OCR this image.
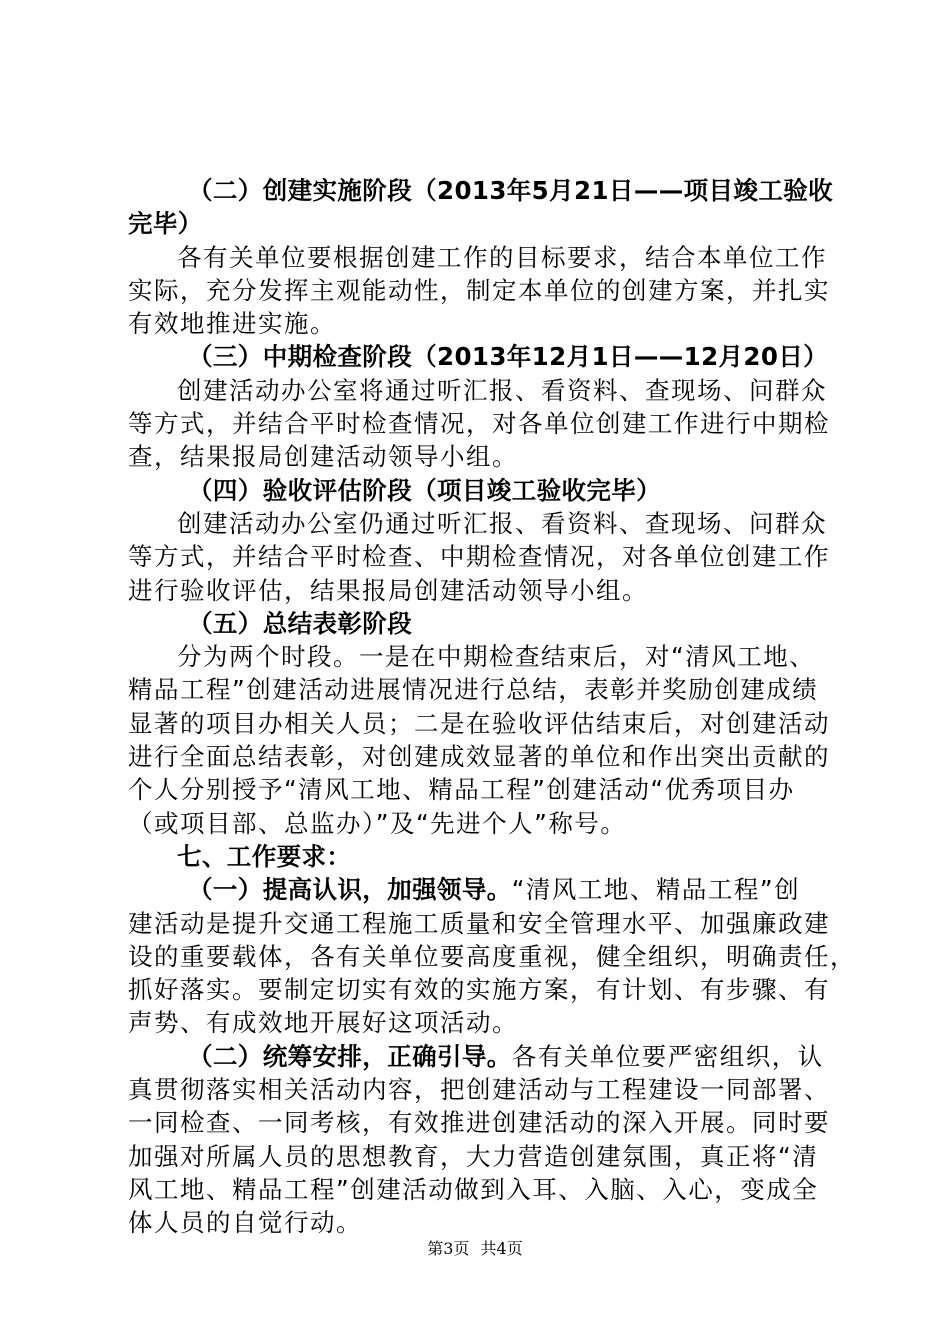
（二）创建实施阶段（2013年5月21日——项目竣工验收
完毕）
各有关单位要根据创建工作的目标要求，结合本单位工作
实际，充分发挥主观能动性，制定本单位的创建方案，并扎实
有效地推进实施。
（三）中期检查阶段（2013年12月1日——12月20日）
创建活动办公室将通过听汇报、看资料、查现场、问群众
等方式，并结合平时检查情况，对各单位创建工作进行中期检
查，结果报局创建活动领导小组。
（四）验收评估阶段（项目竣工验收完毕）
创建活动办公室仍通过听汇报、看资料、查现场、问群众
等方式，并结合平时检查、中期检查情况，对各单位创建工作
进行验收评估，结果报局创建活动领导小组。
（五）总结表彰阶段
分为两个时段。一是在中期检查结束后，对“清风工地、
精品工程”创建活动进展情况进行总结，表彰并奖励创建成绩
显著的项目办相关人员；二是在验收评估结束后，对创建活动
进行全面总结表彰，对创建成效显著的单位和作出突出贡献的
个人分别授予“清风工地、精品工程”创建活动“优秀项目办
（或项目部、总监办）”及“先进个人”称号。
七、工作要求：
（一）提高认识，加强领导。“清风工地、精品工程”创
建活动是提升交通工程施工质量和安全管理水平、加强廉政建
设的重要载体，各有关单位要高度重视，健全组织，明确责任，
抓好落实。要制定切实有效的实施方案，有计划、有步骤、有
声势、有成效地开展好这项活动。
（二）统筹安排，正确引导。各有关单位要严密组织，认
真贯彻落实相关活动内容，把创建活动与工程建设一同部署、
一同检查、一同考核，有效推进创建活动的深入开展。同时要
加强对所属人员的思想教育，大力营造创建氛围，真正将“清
风工地、精品工程”创建活动做到入耳、入脑、入心，变成全
体人员的自觉行动。
第3页 共4页
